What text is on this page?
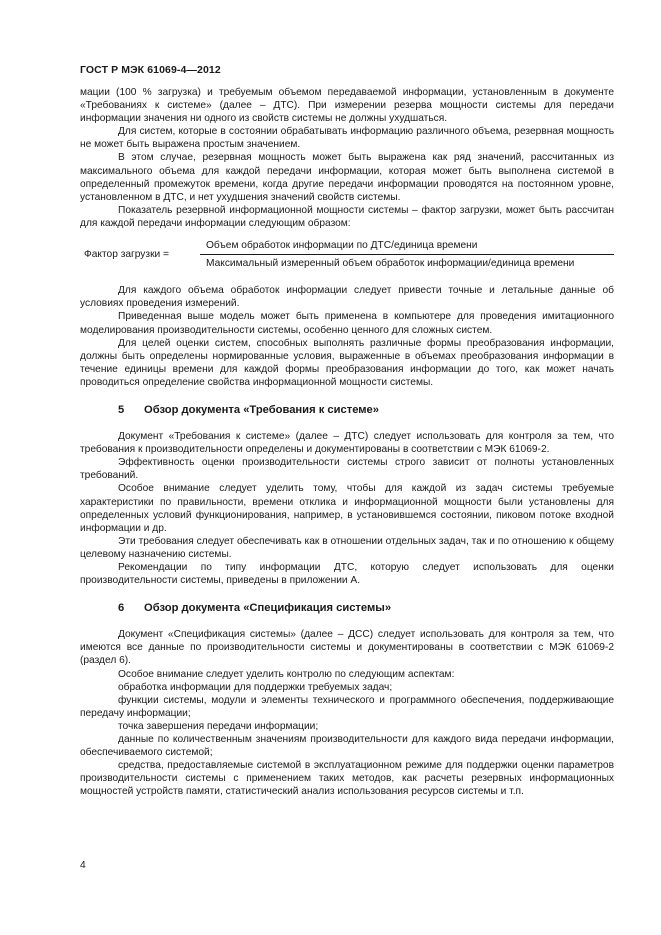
ГОСТ Р МЭК 61069-4—2012

мации (100 % загрузка) и требуемым объемом передаваемой информации, установленным в документе «Требованиях к системе» (далее – ДТС). При измерении резерва мощности системы для передачи информации значения ни одного из свойств системы не должны ухудшаться.

Для систем, которые в состоянии обрабатывать информацию различного объема, резервная мощность не может быть выражена простым значением.

В этом случае, резервная мощность может быть выражена как ряд значений, рассчитанных из максимального объема для каждой передачи информации, которая может быть выполнена системой в определенный промежуток времени, когда другие передачи информации проводятся на постоянном уровне, установленном в ДТС, и нет ухудшения значений свойств системы.

Показатель резервной информационной мощности системы – фактор загрузки, может быть рассчитан для каждой передачи информации следующим образом:

Фактор загрузки =
Объем обработок информации по ДТС/единица времени
Максимальный измеренный объем обработок информации/единица времени

Для каждого объема обработок информации следует привести точные и летальные данные об условиях проведения измерений.

Приведенная выше модель может быть применена в компьютере для проведения имитационного моделирования производительности системы, особенно ценного для сложных систем.

Для целей оценки систем, способных выполнять различные формы преобразования информации, должны быть определены нормированные условия, выраженные в объемах преобразования информации в течение единицы времени для каждой формы преобразования информации до того, как может начать проводиться определение свойства информационной мощности системы.

5 Обзор документа «Требования к системе»

Документ «Требования к системе» (далее – ДТС) следует использовать для контроля за тем, что требования к производительности определены и документированы в соответствии с МЭК 61069-2.

Эффективность оценки производительности системы строго зависит от полноты установленных требований.

Особое внимание следует уделить тому, чтобы для каждой из задач системы требуемые характеристики по правильности, времени отклика и информационной мощности были установлены для определенных условий функционирования, например, в установившемся состоянии, пиковом потоке входной информации и др.

Эти требования следует обеспечивать как в отношении отдельных задач, так и по отношению к общему целевому назначению системы.

Рекомендации по типу информации ДТС, которую следует использовать для оценки производительности системы, приведены в приложении А.

6 Обзор документа «Спецификация системы»

Документ «Спецификация системы» (далее – ДСС) следует использовать для контроля за тем, что имеются все данные по производительности системы и документированы в соответствии с МЭК 61069-2 (раздел 6).

Особое внимание следует уделить контролю по следующим аспектам:

обработка информации для поддержки требуемых задач;

функции системы, модули и элементы технического и программного обеспечения, поддерживающие передачу информации;

точка завершения передачи информации;

данные по количественным значениям производительности для каждого вида передачи информации, обеспечиваемого системой;

средства, предоставляемые системой в эксплуатационном режиме для поддержки оценки параметров производительности системы с применением таких методов, как расчеты резервных информационных мощностей устройств памяти, статистический анализ использования ресурсов системы и т.п.

4
